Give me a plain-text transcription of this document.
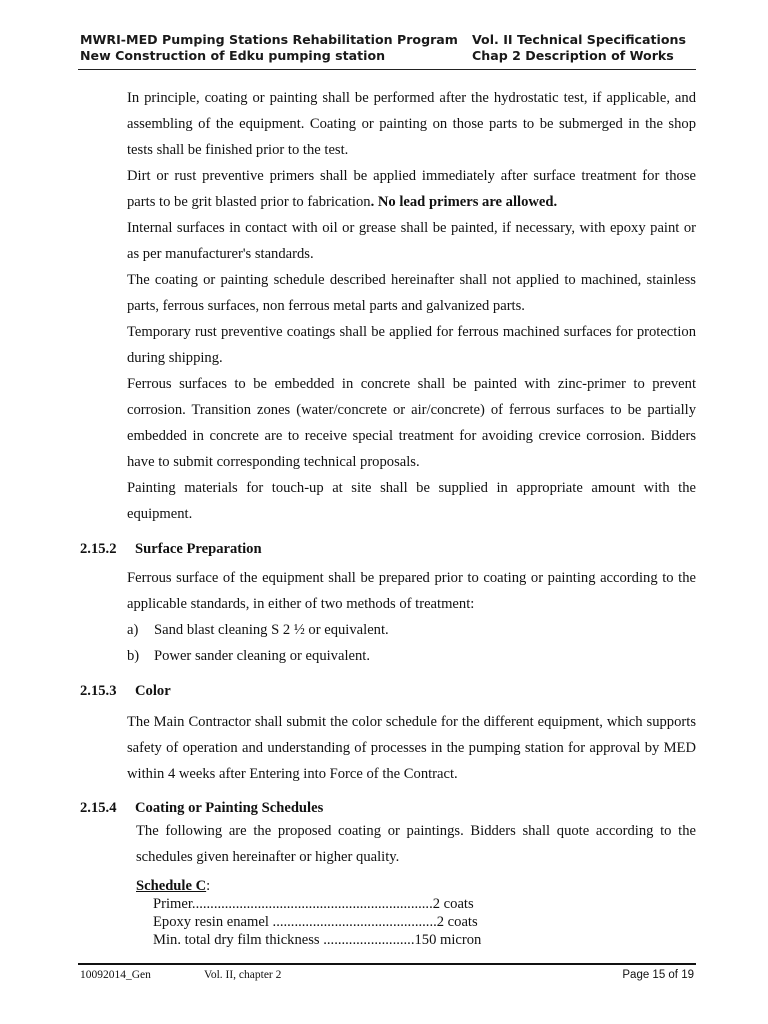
MWRI-MED Pumping Stations Rehabilitation Program
New Construction of Edku pumping station
Vol. II Technical Specifications
Chap 2 Description of Works
In principle, coating or painting shall be performed after the hydrostatic test, if applicable, and assembling of the equipment. Coating or painting on those parts to be submerged in the shop tests shall be finished prior to the test.
Dirt or rust preventive primers shall be applied immediately after surface treatment for those parts to be grit blasted prior to fabrication. No lead primers are allowed.
Internal surfaces in contact with oil or grease shall be painted, if necessary, with epoxy paint or as per manufacturer's standards.
The coating or painting schedule described hereinafter shall not applied to machined, stainless parts, ferrous surfaces, non ferrous metal parts and galvanized parts.
Temporary rust preventive coatings shall be applied for ferrous machined surfaces for protection during shipping.
Ferrous surfaces to be embedded in concrete shall be painted with zinc-primer to prevent corrosion. Transition zones (water/concrete or air/concrete) of ferrous surfaces to be partially embedded in concrete are to receive special treatment for avoiding crevice corrosion. Bidders have to submit corresponding technical proposals.
Painting materials for touch-up at site shall be supplied in appropriate amount with the equipment.
2.15.2 Surface Preparation
Ferrous surface of the equipment shall be prepared prior to coating or painting according to the applicable standards, in either of two methods of treatment:
a) Sand blast cleaning S 2 ½ or equivalent.
b) Power sander cleaning or equivalent.
2.15.3 Color
The Main Contractor shall submit the color schedule for the different equipment, which supports safety of operation and understanding of processes in the pumping station for approval by MED within 4 weeks after Entering into Force of the Contract.
2.15.4 Coating or Painting Schedules
The following are the proposed coating or paintings. Bidders shall quote according to the schedules given hereinafter or higher quality.
Schedule C:
Primer..................................................................2 coats
Epoxy resin enamel .............................................2 coats
Min. total dry film thickness .........................150 micron
10092014_Gen	Vol. II, chapter 2	Page 15 of 19
